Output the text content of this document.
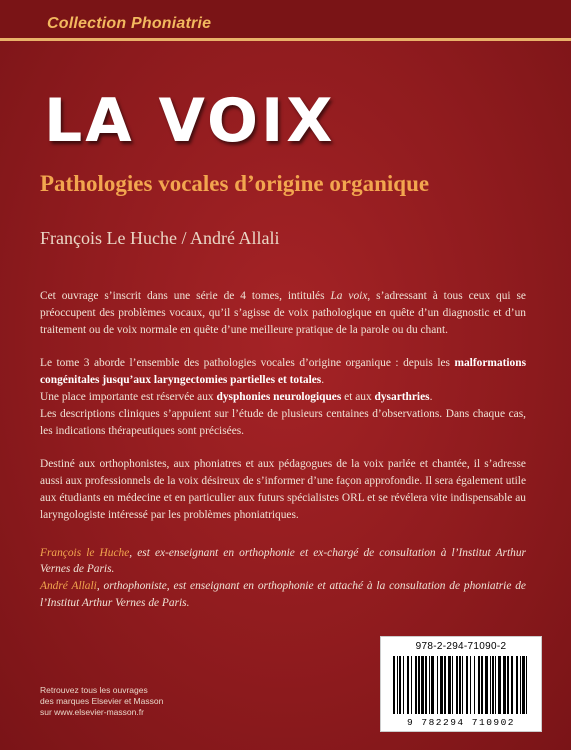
Collection Phoniatrie

LA VOIX
Pathologies vocales d’origine organique

François Le Huche / André Allali

Cet ouvrage s’inscrit dans une série de 4 tomes, intitulés La voix, s’adressant à tous ceux qui se préoccupent des problèmes vocaux, qu’il s’agisse de voix pathologique en quête d’un diagnostic et d’un traitement ou de voix normale en quête d’une meilleure pratique de la parole ou du chant.

Le tome 3 aborde l’ensemble des pathologies vocales d’origine organique : depuis les malformations congénitales jusqu’aux laryngectomies partielles et totales.
Une place importante est réservée aux dysphonies neurologiques et aux dysarthries.
Les descriptions cliniques s’appuient sur l’étude de plusieurs centaines d’observations. Dans chaque cas, les indications thérapeutiques sont précisées.

Destiné aux orthophonistes, aux phoniatres et aux pédagogues de la voix parlée et chantée, il s’adresse aussi aux professionnels de la voix désireux de s’informer d’une façon approfondie. Il sera également utile aux étudiants en médecine et en particulier aux futurs spécialistes ORL et se révélera vite indispensable au laryngologiste intéressé par les problèmes phoniatriques.

François le Huche, est ex-enseignant en orthophonie et ex-chargé de consultation à l’Institut Arthur Vernes de Paris.

André Allali, orthophoniste, est enseignant en orthophonie et attaché à la consultation de phoniatrie de l’Institut Arthur Vernes de Paris.

Retrouvez tous les ouvrages

des marques Elsevier et Masson

sur www.elsevier-masson.fr

978-2-294-71090-2

9 782294 710902
